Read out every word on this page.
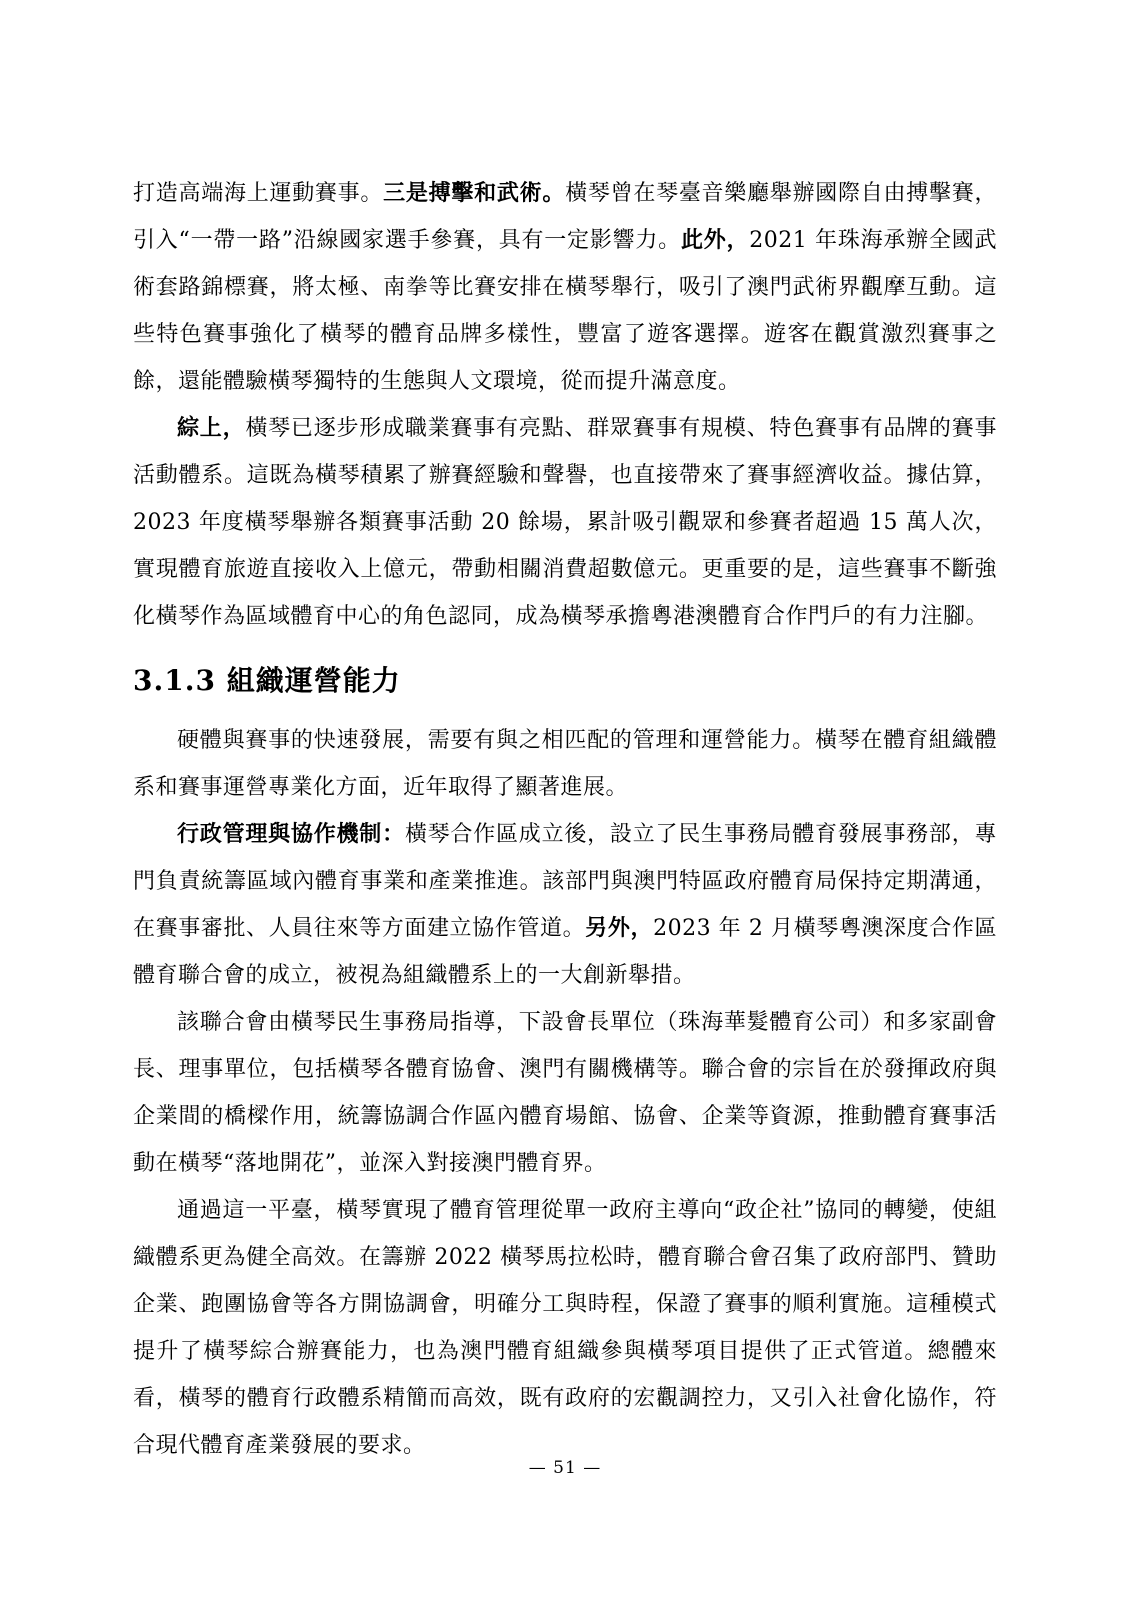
打造高端海上運動賽事。三是搏擊和武術。橫琴曾在琴臺音樂廳舉辦國際自由搏擊賽，引入“一帶一路”沿線國家選手參賽，具有一定影響力。此外，2021 年珠海承辦全國武術套路錦標賽，將太極、南拳等比賽安排在橫琴舉行，吸引了澳門武術界觀摩互動。這些特色賽事強化了橫琴的體育品牌多樣性，豐富了遊客選擇。遊客在觀賞激烈賽事之餘，還能體驗橫琴獨特的生態與人文環境，從而提升滿意度。

綜上，橫琴已逐步形成職業賽事有亮點、群眾賽事有規模、特色賽事有品牌的賽事活動體系。這既為橫琴積累了辦賽經驗和聲譽，也直接帶來了賽事經濟收益。據估算，2023 年度橫琴舉辦各類賽事活動 20 餘場，累計吸引觀眾和參賽者超過 15 萬人次，實現體育旅遊直接收入上億元，帶動相關消費超數億元。更重要的是，這些賽事不斷強化橫琴作為區域體育中心的角色認同，成為橫琴承擔粵港澳體育合作門戶的有力注腳。

3.1.3 組織運營能力

硬體與賽事的快速發展，需要有與之相匹配的管理和運營能力。橫琴在體育組織體系和賽事運營專業化方面，近年取得了顯著進展。

行政管理與協作機制：橫琴合作區成立後，設立了民生事務局體育發展事務部，專門負責統籌區域內體育事業和產業推進。該部門與澳門特區政府體育局保持定期溝通，在賽事審批、人員往來等方面建立協作管道。另外，2023 年 2 月橫琴粵澳深度合作區體育聯合會的成立，被視為組織體系上的一大創新舉措。

該聯合會由橫琴民生事務局指導，下設會長單位（珠海華髮體育公司）和多家副會長、理事單位，包括橫琴各體育協會、澳門有關機構等。聯合會的宗旨在於發揮政府與企業間的橋樑作用，統籌協調合作區內體育場館、協會、企業等資源，推動體育賽事活動在橫琴“落地開花”，並深入對接澳門體育界。

通過這一平臺，橫琴實現了體育管理從單一政府主導向“政企社”協同的轉變，使組織體系更為健全高效。在籌辦 2022 橫琴馬拉松時，體育聯合會召集了政府部門、贊助企業、跑團協會等各方開協調會，明確分工與時程，保證了賽事的順利實施。這種模式提升了橫琴綜合辦賽能力，也為澳門體育組織參與橫琴項目提供了正式管道。總體來看，橫琴的體育行政體系精簡而高效，既有政府的宏觀調控力，又引入社會化協作，符合現代體育產業發展的要求。

— 51 —
